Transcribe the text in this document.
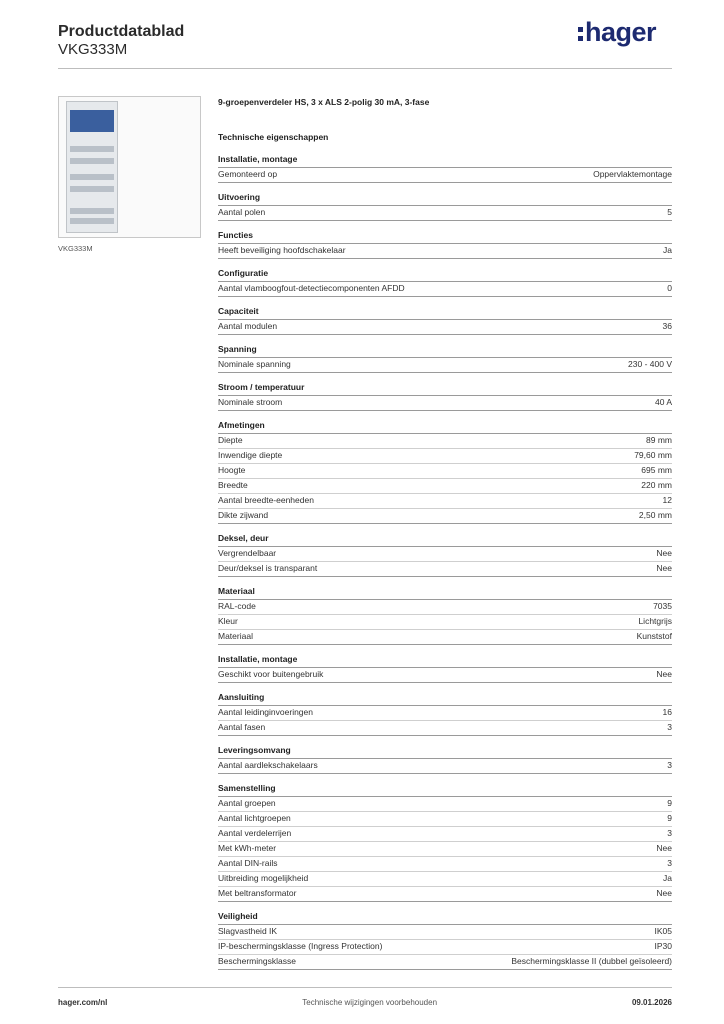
Productdatablad
VKG333M
hager
VKG333M
9-groepenverdeler HS, 3 x ALS 2-polig 30 mA, 3-fase
Technische eigenschappen
Installatie, montage
Gemonteerd op	Oppervlaktemontage
Uitvoering
Aantal polen	5
Functies
Heeft beveiliging hoofdschakelaar	Ja
Configuratie
Aantal vlamboogfout-detectiecomponenten AFDD	0
Capaciteit
Aantal modulen	36
Spanning
Nominale spanning	230 - 400 V
Stroom / temperatuur
Nominale stroom	40 A
Afmetingen
Diepte	89 mm
Inwendige diepte	79,60 mm
Hoogte	695 mm
Breedte	220 mm
Aantal breedte-eenheden	12
Dikte zijwand	2,50 mm
Deksel, deur
Vergrendelbaar	Nee
Deur/deksel is transparant	Nee
Materiaal
RAL-code	7035
Kleur	Lichtgrijs
Materiaal	Kunststof
Installatie, montage
Geschikt voor buitengebruik	Nee
Aansluiting
Aantal leidinginvoeringen	16
Aantal fasen	3
Leveringsomvang
Aantal aardlekschakelaars	3
Samenstelling
Aantal groepen	9
Aantal lichtgroepen	9
Aantal verdelerrijen	3
Met kWh-meter	Nee
Aantal DIN-rails	3
Uitbreiding mogelijkheid	Ja
Met beltransformator	Nee
Veiligheid
Slagvastheid IK	IK05
IP-beschermingsklasse (Ingress Protection)	IP30
Beschermingsklasse	Beschermingsklasse II (dubbel geïsoleerd)
hager.com/nl	Technische wijzigingen voorbehouden	09.01.2026
